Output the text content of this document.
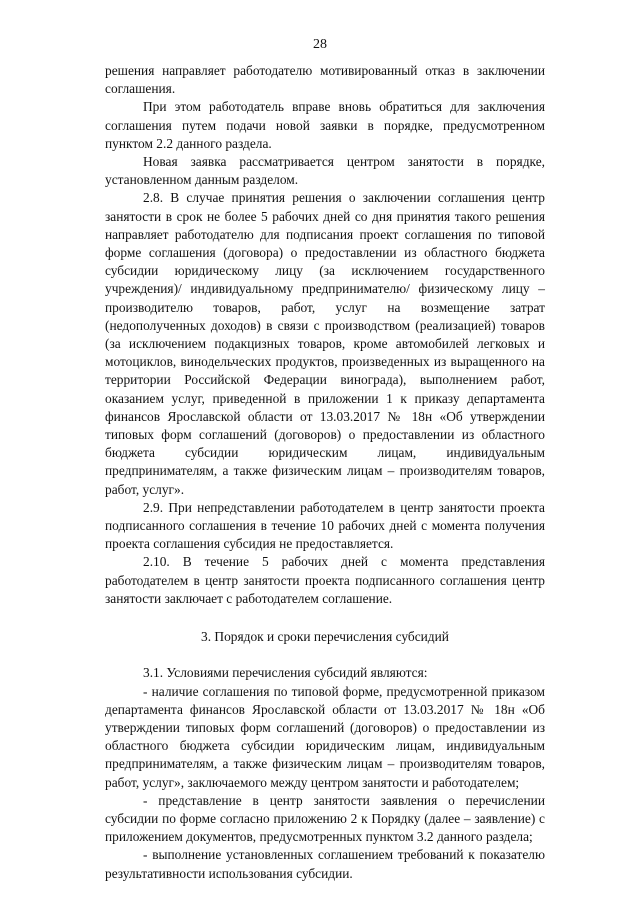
28

решения направляет работодателю мотивированный отказ в заключении соглашения.

При этом работодатель вправе вновь обратиться для заключения соглашения путем подачи новой заявки в порядке, предусмотренном пунктом 2.2 данного раздела.

Новая заявка рассматривается центром занятости в порядке, установленном данным разделом.

2.8. В случае принятия решения о заключении соглашения центр занятости в срок не более 5 рабочих дней со дня принятия такого решения направляет работодателю для подписания проект соглашения по типовой форме соглашения (договора) о предоставлении из областного бюджета субсидии юридическому лицу (за исключением государственного учреждения)/ индивидуальному предпринимателю/ физическому лицу – производителю товаров, работ, услуг на возмещение затрат (недополученных доходов) в связи с производством (реализацией) товаров (за исключением подакцизных товаров, кроме автомобилей легковых и мотоциклов, винодельческих продуктов, произведенных из выращенного на территории Российской Федерации винограда), выполнением работ, оказанием услуг, приведенной в приложении 1 к приказу департамента финансов Ярославской области от 13.03.2017 № 18н «Об утверждении типовых форм соглашений (договоров) о предоставлении из областного бюджета субсидии юридическим лицам, индивидуальным предпринимателям, а также физическим лицам – производителям товаров, работ, услуг».

2.9. При непредставлении работодателем в центр занятости проекта подписанного соглашения в течение 10 рабочих дней с момента получения проекта соглашения субсидия не предоставляется.

2.10. В течение 5 рабочих дней с момента представления работодателем в центр занятости проекта подписанного соглашения центр занятости заключает с работодателем соглашение.

3. Порядок и сроки перечисления субсидий

3.1. Условиями перечисления субсидий являются:

- наличие соглашения по типовой форме, предусмотренной приказом департамента финансов Ярославской области от 13.03.2017 № 18н «Об утверждении типовых форм соглашений (договоров) о предоставлении из областного бюджета субсидии юридическим лицам, индивидуальным предпринимателям, а также физическим лицам – производителям товаров, работ, услуг», заключаемого между центром занятости и работодателем;

- представление в центр занятости заявления о перечислении субсидии по форме согласно приложению 2 к Порядку (далее – заявление) с приложением документов, предусмотренных пунктом 3.2 данного раздела;

- выполнение установленных соглашением требований к показателю результативности использования субсидии.
